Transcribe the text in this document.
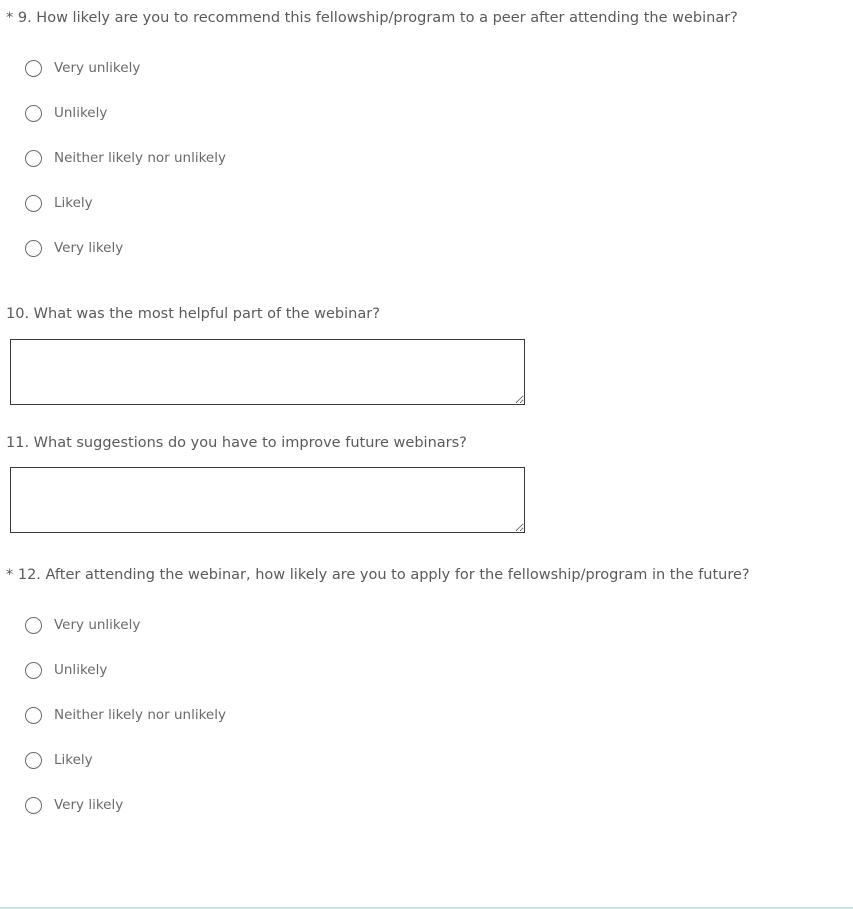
* 9. How likely are you to recommend this fellowship/program to a peer after attending the webinar?
Very unlikely
Unlikely
Neither likely nor unlikely
Likely
Very likely
10. What was the most helpful part of the webinar?
11. What suggestions do you have to improve future webinars?
* 12. After attending the webinar, how likely are you to apply for the fellowship/program in the future?
Very unlikely
Unlikely
Neither likely nor unlikely
Likely
Very likely
